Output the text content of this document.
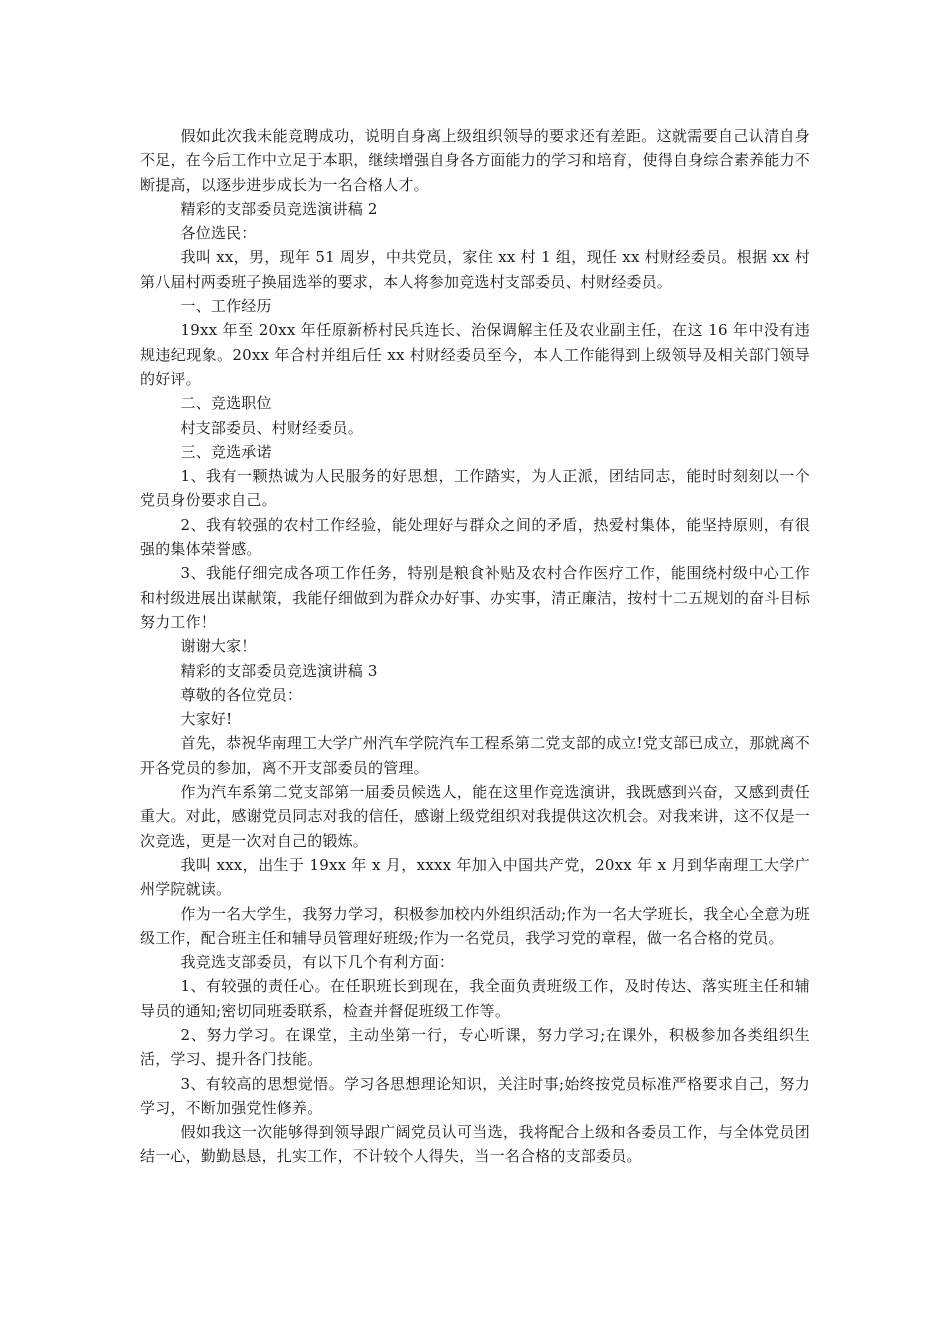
假如此次我未能竞聘成功，说明自身离上级组织领导的要求还有差距。这就需要自己认清自身不足，在今后工作中立足于本职，继续增强自身各方面能力的学习和培育，使得自身综合素养能力不断提高，以逐步进步成长为一名合格人才。

精彩的支部委员竞选演讲稿 2

各位选民：

我叫 xx，男，现年 51 周岁，中共党员，家住 xx 村 1 组，现任 xx 村财经委员。根据 xx 村第八届村两委班子换届选举的要求，本人将参加竞选村支部委员、村财经委员。

一、工作经历

19xx 年至 20xx 年任原新桥村民兵连长、治保调解主任及农业副主任，在这 16 年中没有违规违纪现象。20xx 年合村并组后任 xx 村财经委员至今，本人工作能得到上级领导及相关部门领导的好评。

二、竞选职位

村支部委员、村财经委员。

三、竞选承诺

1、我有一颗热诚为人民服务的好思想，工作踏实，为人正派，团结同志，能时时刻刻以一个党员身份要求自己。

2、我有较强的农村工作经验，能处理好与群众之间的矛盾，热爱村集体，能坚持原则，有很强的集体荣誉感。

3、我能仔细完成各项工作任务，特别是粮食补贴及农村合作医疗工作，能围绕村级中心工作和村级进展出谋献策，我能仔细做到为群众办好事、办实事，清正廉洁，按村十二五规划的奋斗目标努力工作！

谢谢大家！

精彩的支部委员竞选演讲稿 3

尊敬的各位党员：

大家好!

首先，恭祝华南理工大学广州汽车学院汽车工程系第二党支部的成立!党支部已成立，那就离不开各党员的参加，离不开支部委员的管理。

作为汽车系第二党支部第一届委员候选人，能在这里作竞选演讲，我既感到兴奋，又感到责任重大。对此，感谢党员同志对我的信任，感谢上级党组织对我提供这次机会。对我来讲，这不仅是一次竞选，更是一次对自己的锻炼。

我叫 xxx，出生于 19xx 年 x 月，xxxx 年加入中国共产党，20xx 年 x 月到华南理工大学广州学院就读。

作为一名大学生，我努力学习，积极参加校内外组织活动;作为一名大学班长，我全心全意为班级工作，配合班主任和辅导员管理好班级;作为一名党员，我学习党的章程，做一名合格的党员。

我竞选支部委员，有以下几个有利方面：

1、有较强的责任心。在任职班长到现在，我全面负责班级工作，及时传达、落实班主任和辅导员的通知;密切同班委联系，检查并督促班级工作等。

2、努力学习。在课堂，主动坐第一行，专心听课，努力学习;在课外，积极参加各类组织生活，学习、提升各门技能。

3、有较高的思想觉悟。学习各思想理论知识，关注时事;始终按党员标准严格要求自己，努力学习，不断加强党性修养。

假如我这一次能够得到领导跟广阔党员认可当选，我将配合上级和各委员工作，与全体党员团结一心，勤勤恳恳，扎实工作，不计较个人得失，当一名合格的支部委员。
